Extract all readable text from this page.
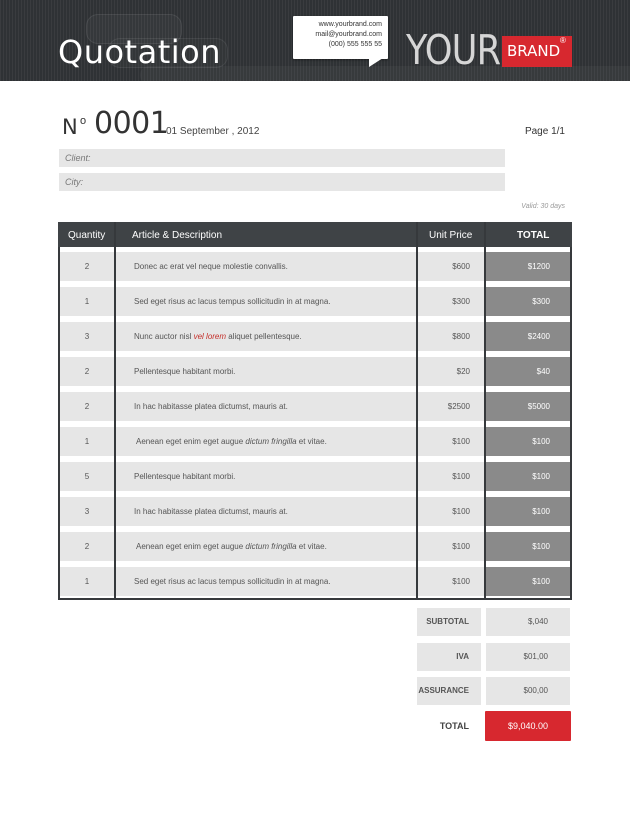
Quotation
www.yourbrand.com
mail@yourbrand.com
(000) 555 555 55 YOUR BRAND
®
N o 0001
01 September , 2012	Page 1/1
Client:
City:
Valid: 30 days
Quantity	Article & Description	Unit Price	TOTAL
2	Donec ac erat vel neque molestie convallis.	$600	$1200
1	Sed eget risus ac lacus tempus sollicitudin in at magna.	$300	$300
3	Nunc auctor nisl vel lorem aliquet pellentesque.	$800	$2400
2	Pellentesque habitant morbi.	$20	$40
2	In hac habitasse platea dictumst, mauris at.	$2500	$5000
1	Aenean eget enim eget augue dictum fringilla et vitae.	$100	$100
5	Pellentesque habitant morbi.	$100	$100
3	In hac habitasse platea dictumst, mauris at.	$100	$100
2	Aenean eget enim eget augue dictum fringilla et vitae.	$100	$100
1	Sed eget risus ac lacus tempus sollicitudin in at magna.	$100	$100
SUBTOTAL	$,040
IVA	$01,00
ASSURANCE	$00,00
TOTAL	$9,040.00
